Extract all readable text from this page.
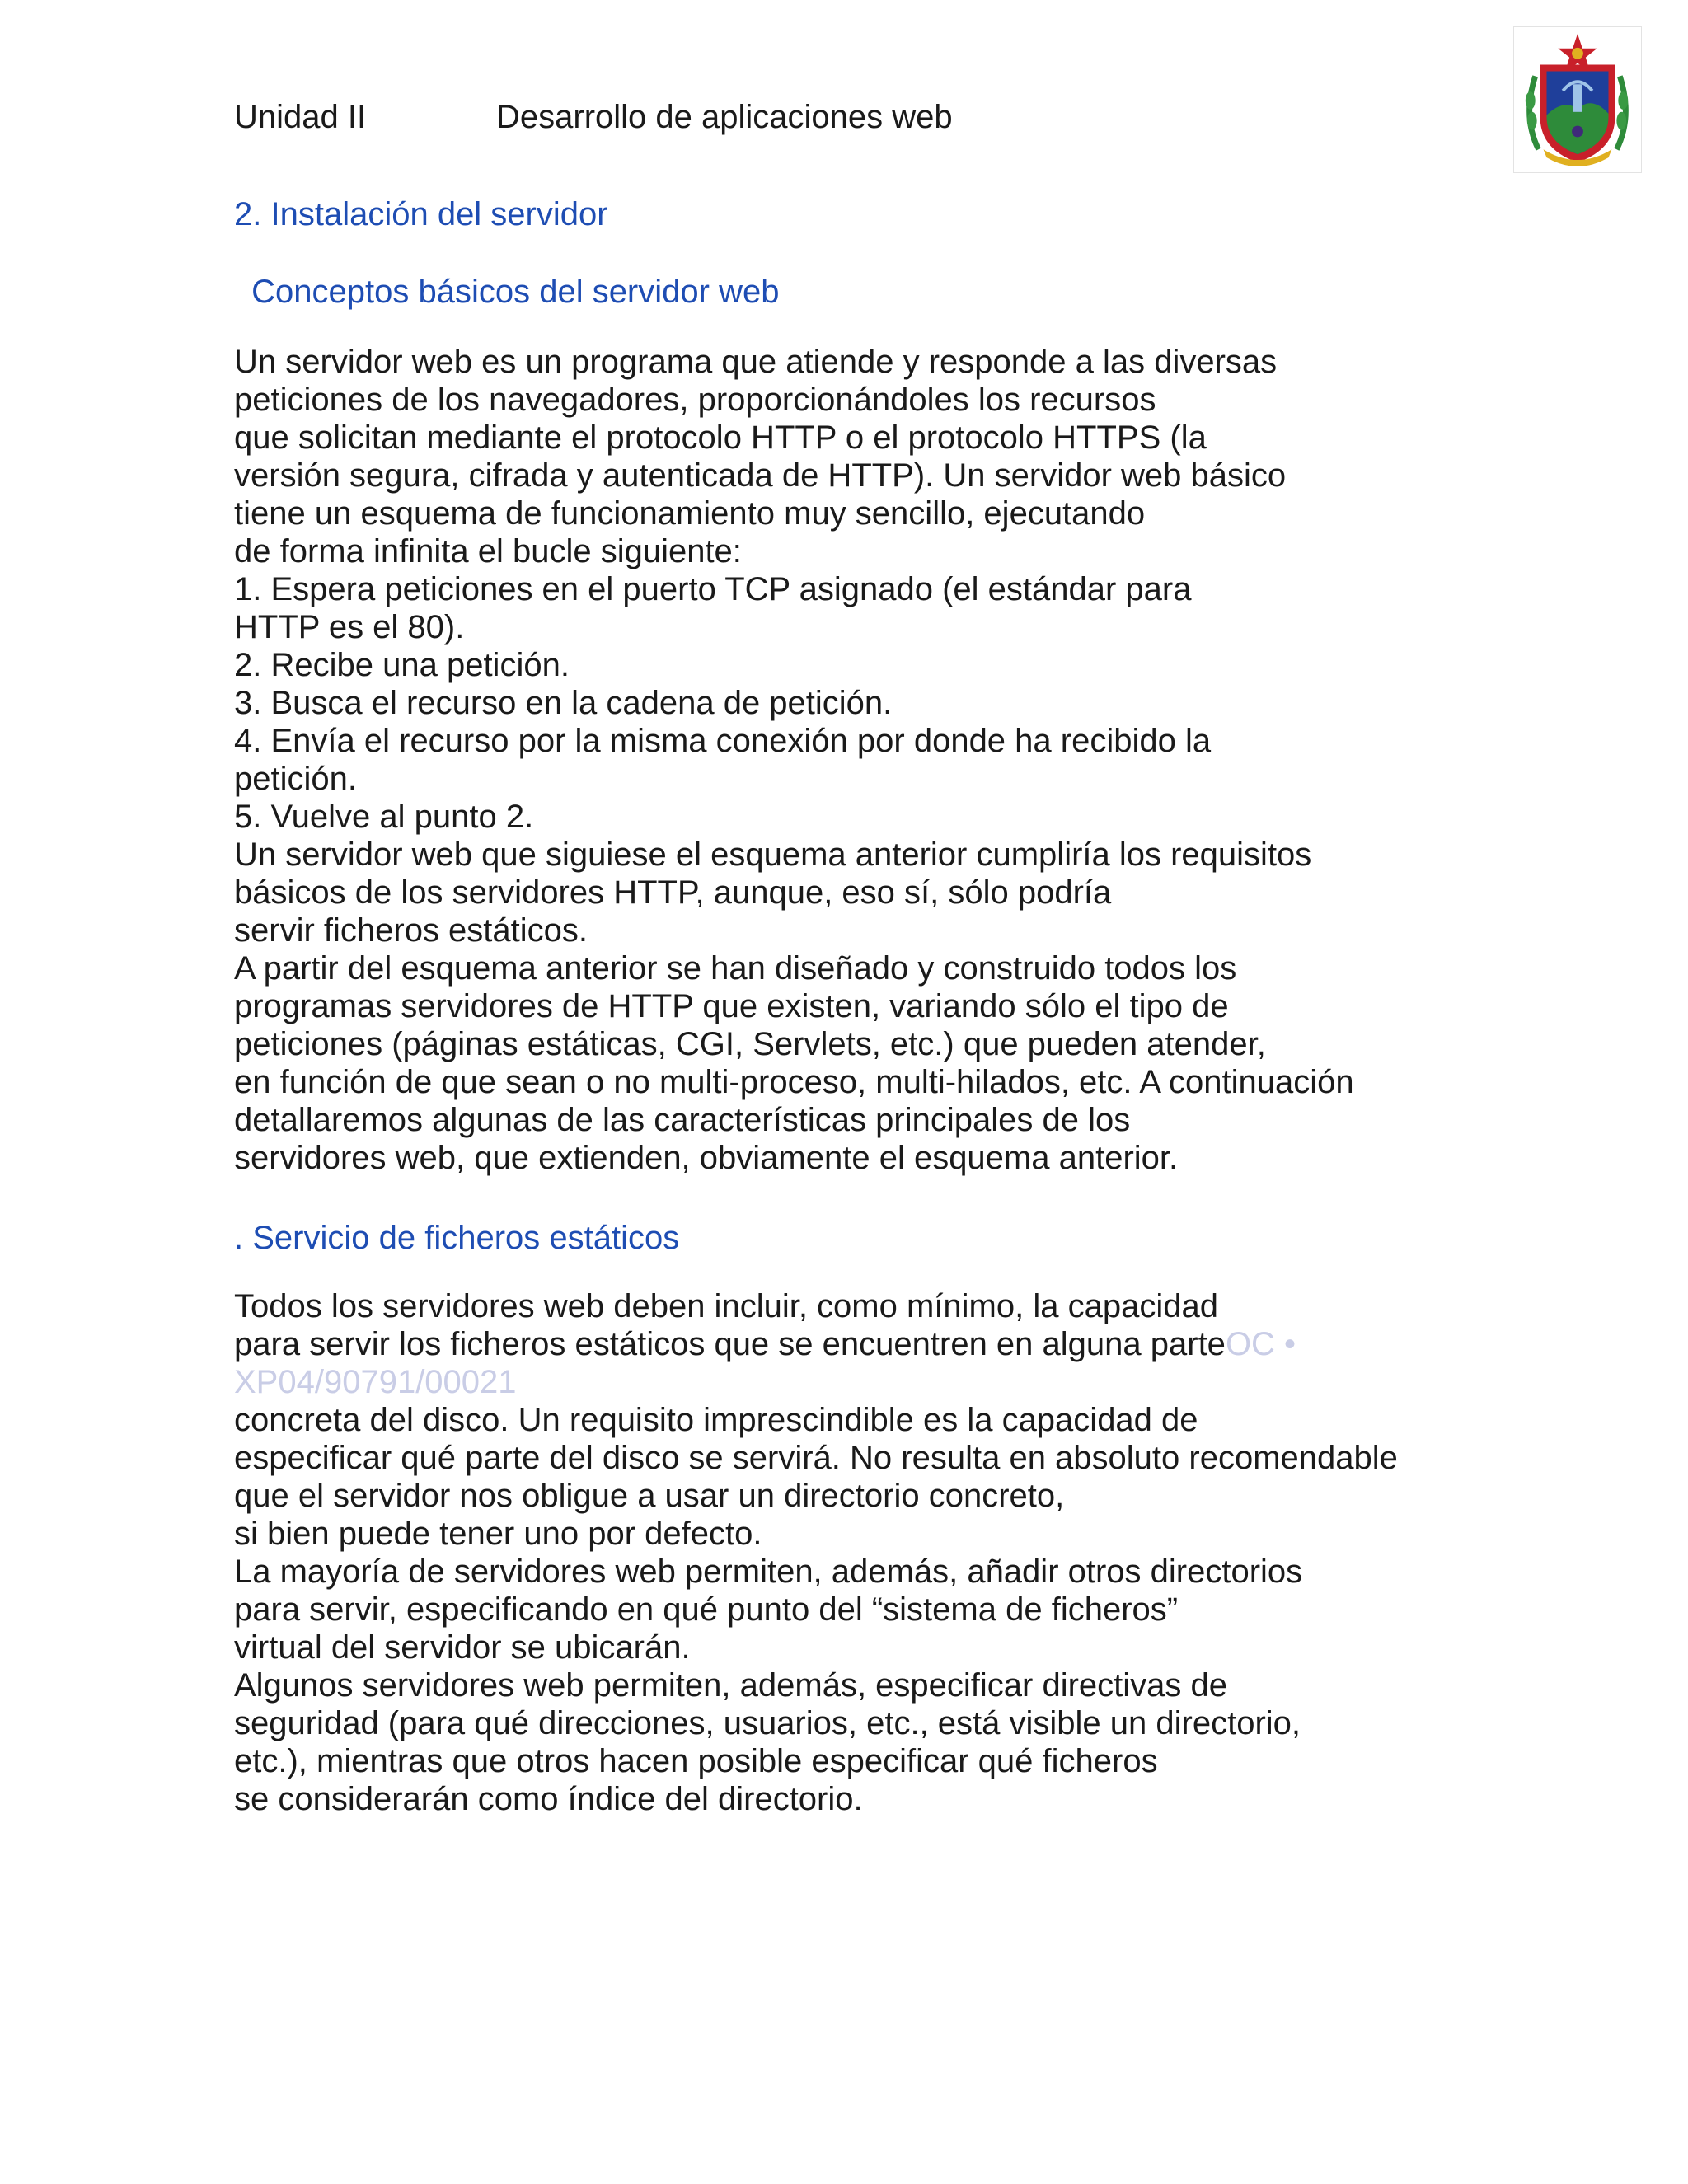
Unidad II	Desarrollo de aplicaciones web
2. Instalación del servidor
Conceptos básicos del servidor web
Un servidor web es un programa que atiende y responde a las diversas
peticiones de los navegadores, proporcionándoles los recursos
que solicitan mediante el protocolo HTTP o el protocolo HTTPS (la
versión segura, cifrada y autenticada de HTTP). Un servidor web básico
tiene un esquema de funcionamiento muy sencillo, ejecutando
de forma infinita el bucle siguiente:
1. Espera peticiones en el puerto TCP asignado (el estándar para
HTTP es el 80).
2. Recibe una petición.
3. Busca el recurso en la cadena de petición.
4. Envía el recurso por la misma conexión por donde ha recibido la
petición.
5. Vuelve al punto 2.
Un servidor web que siguiese el esquema anterior cumpliría los requisitos
básicos de los servidores HTTP, aunque, eso sí, sólo podría
servir ficheros estáticos.
A partir del esquema anterior se han diseñado y construido todos los
programas servidores de HTTP que existen, variando sólo el tipo de
peticiones (páginas estáticas, CGI, Servlets, etc.) que pueden atender,
en función de que sean o no multi-proceso, multi-hilados, etc. A continuación
detallaremos algunas de las características principales de los
servidores web, que extienden, obviamente el esquema anterior.
. Servicio de ficheros estáticos
Todos los servidores web deben incluir, como mínimo, la capacidad
para servir los ficheros estáticos que se encuentren en alguna parteOC •
XP04/90791/00021
concreta del disco. Un requisito imprescindible es la capacidad de
especificar qué parte del disco se servirá. No resulta en absoluto recomendable
que el servidor nos obligue a usar un directorio concreto,
si bien puede tener uno por defecto.
La mayoría de servidores web permiten, además, añadir otros directorios
para servir, especificando en qué punto del “sistema de ficheros”
virtual del servidor se ubicarán.
Algunos servidores web permiten, además, especificar directivas de
seguridad (para qué direcciones, usuarios, etc., está visible un directorio,
etc.), mientras que otros hacen posible especificar qué ficheros
se considerarán como índice del directorio.
